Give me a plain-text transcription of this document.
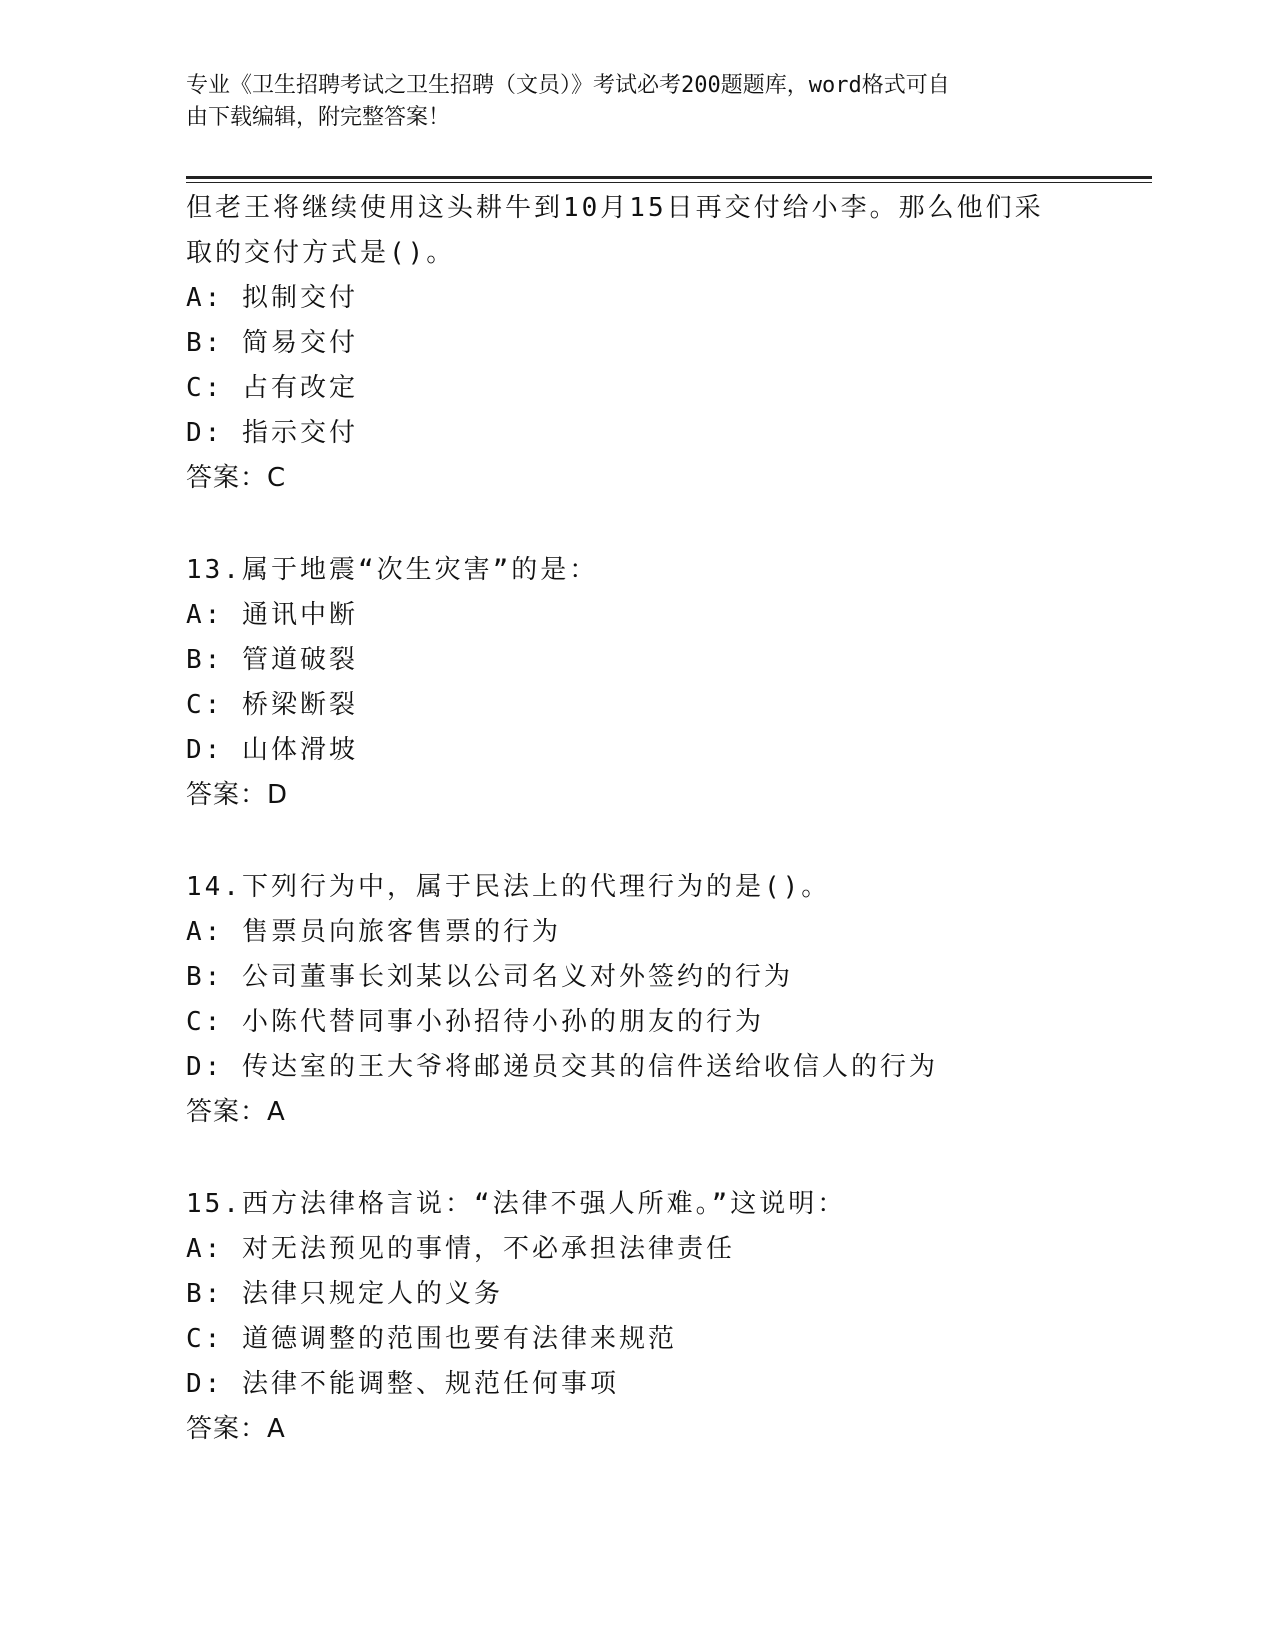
专业《卫生招聘考试之卫生招聘（文员）》考试必考200题题库，word格式可自
由下载编辑，附完整答案！
但老王将继续使用这头耕牛到10月15日再交付给小李。那么他们采
取的交付方式是()。
A: 拟制交付
B: 简易交付
C: 占有改定
D: 指示交付
答案：C
13.属于地震“次生灾害”的是：
A: 通讯中断
B: 管道破裂
C: 桥梁断裂
D: 山体滑坡
答案：D
14.下列行为中，属于民法上的代理行为的是()。
A: 售票员向旅客售票的行为
B: 公司董事长刘某以公司名义对外签约的行为
C: 小陈代替同事小孙招待小孙的朋友的行为
D: 传达室的王大爷将邮递员交其的信件送给收信人的行为
答案：A
15.西方法律格言说：“法律不强人所难。”这说明：
A: 对无法预见的事情，不必承担法律责任
B: 法律只规定人的义务
C: 道德调整的范围也要有法律来规范
D: 法律不能调整、规范任何事项
答案：A
